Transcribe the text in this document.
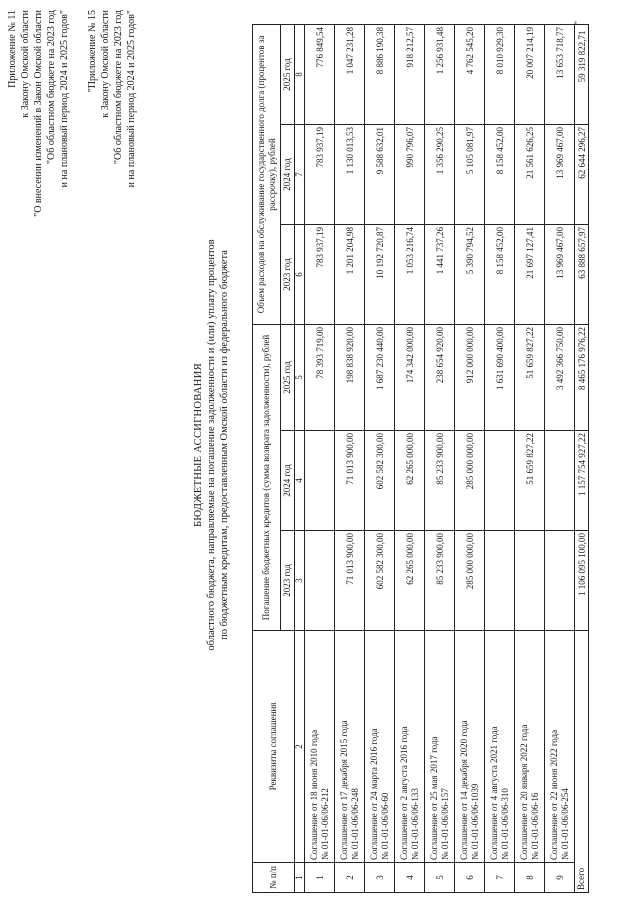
Приложение № 11 к Закону Омской области "О внесении изменений в Закон Омской области "Об областном бюджете на 2023 год и на плановый период 2024 и 2025 годов" "Приложение № 15 к Закону Омской области "Об областном бюджете на 2023 год и на плановый период 2024 и 2025 годов"
БЮДЖЕТНЫЕ АССИГНОВАНИЯ областного бюджета, направляемые на погашение задолженности и (или) уплату процентов по бюджетным кредитам, предоставленным Омской области из федерального бюджета
№ п/п	Реквизиты соглашения	Погашение бюджетных кредитов (сумма возврата задолженности), рублей			Объем расходов на обслуживание государственного долга (процентов за рассрочку), рублей		
		2023 год	2024 год	2025 год	2023 год	2024 год	2025 год
1	2	3	4	5	6	7	8
1	Соглашение от 18 июня 2010 года № 01-01-06/06-212			78 393 719,00	783 937,19	783 937,19	776 849,54
2	Соглашение от 17 декабря 2015 года № 01-01-06/06-248	71 013 900,00	71 013 900,00	198 838 920,00	1 201 204,98	1 130 013,53	1 047 231,28
3	Соглашение от 24 марта 2016 года № 01-01-06/06-60	602 582 300,00	602 582 300,00	1 687 230 440,00	10 192 720,87	9 588 632,01	8 886 190,38
4	Соглашение от 2 августа 2016 года № 01-01-06/06-133	62 265 000,00	62 265 000,00	174 342 000,00	1 053 216,74	990 796,07	918 212,57
5	Соглашение от 25 мая 2017 года № 01-01-06/06-157	85 233 900,00	85 233 900,00	238 654 920,00	1 441 737,26	1 356 290,25	1 256 931,48
6	Соглашение от 14 декабря 2020 года № 01-01-06/06-1039	285 000 000,00	285 000 000,00	912 000 000,00	5 390 794,52	5 105 081,97	4 762 545,20
7	Соглашение от 4 августа 2021 года № 01-01-06/06-310			1 631 690 400,00	8 158 452,00	8 158 452,00	8 010 929,30
8	Соглашение от 20 января 2022 года № 01-01-06/06-16		51 659 827,22	51 659 827,22	21 697 127,41	21 561 626,25	20 007 214,19
9	Соглашение от 22 июня 2022 года № 01-01-06/06-254			3 492 366 750,00	13 969 467,00	13 969 467,00	13 653 718,77
Всего		1 106 095 100,00	1 157 754 927,22	8 465 176 976,22	63 888 657,97	62 644 296,27	59 319 822,71"
